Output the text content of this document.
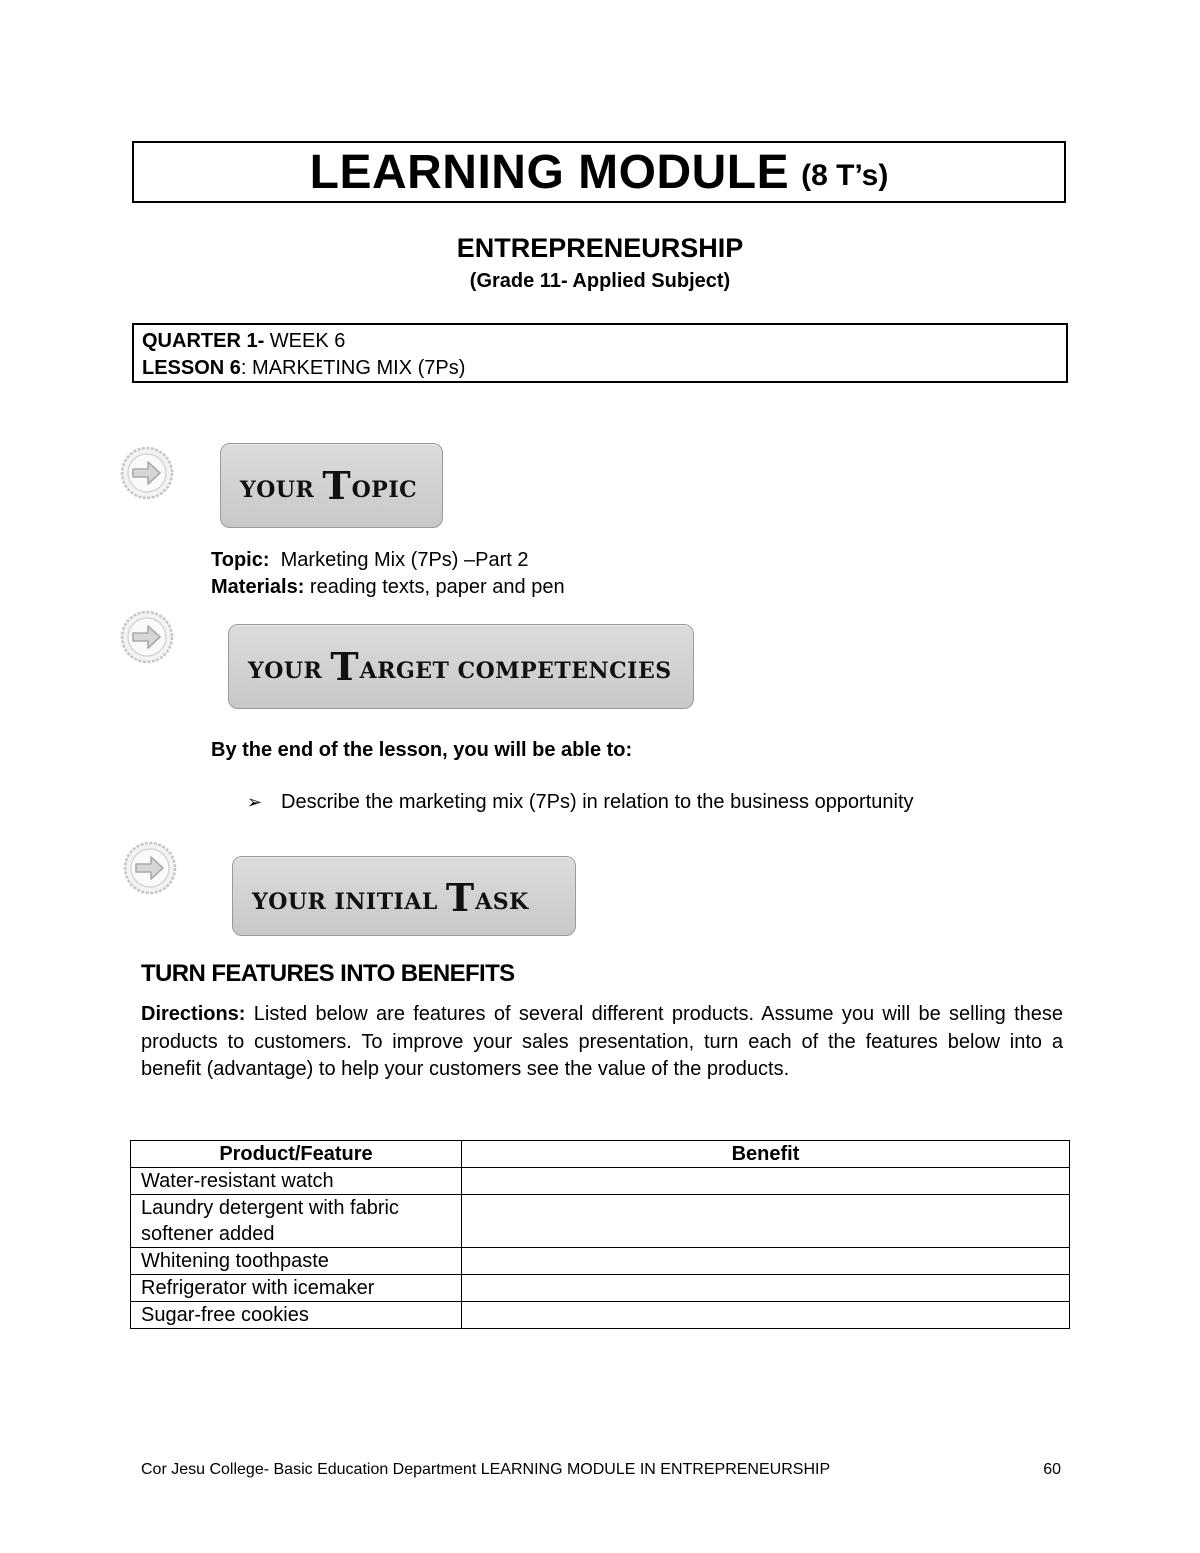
LEARNING MODULE (8 T’s)
ENTREPRENEURSHIP
(Grade 11- Applied Subject)
QUARTER 1- WEEK 6
LESSON 6: MARKETING MIX (7Ps)
YOUR T OPIC
Topic:  Marketing Mix (7Ps) –Part 2
Materials: reading texts, paper and pen
YOUR T ARGET COMPETENCIES
By the end of the lesson, you will be able to:
➢ Describe the marketing mix (7Ps) in relation to the business opportunity
YOUR INITIAL T ASK
TURN FEATURES INTO BENEFITS
Directions: Listed below are features of several different products. Assume you will be selling these products to customers. To improve your sales presentation, turn each of the features below into a benefit (advantage) to help your customers see the value of the products.
Product/Feature	Benefit
Water-resistant watch	
Laundry detergent with fabric softener added	
Whitening toothpaste	
Refrigerator with icemaker	
Sugar-free cookies	
Cor Jesu College- Basic Education Department LEARNING MODULE IN ENTREPRENEURSHIP	60
